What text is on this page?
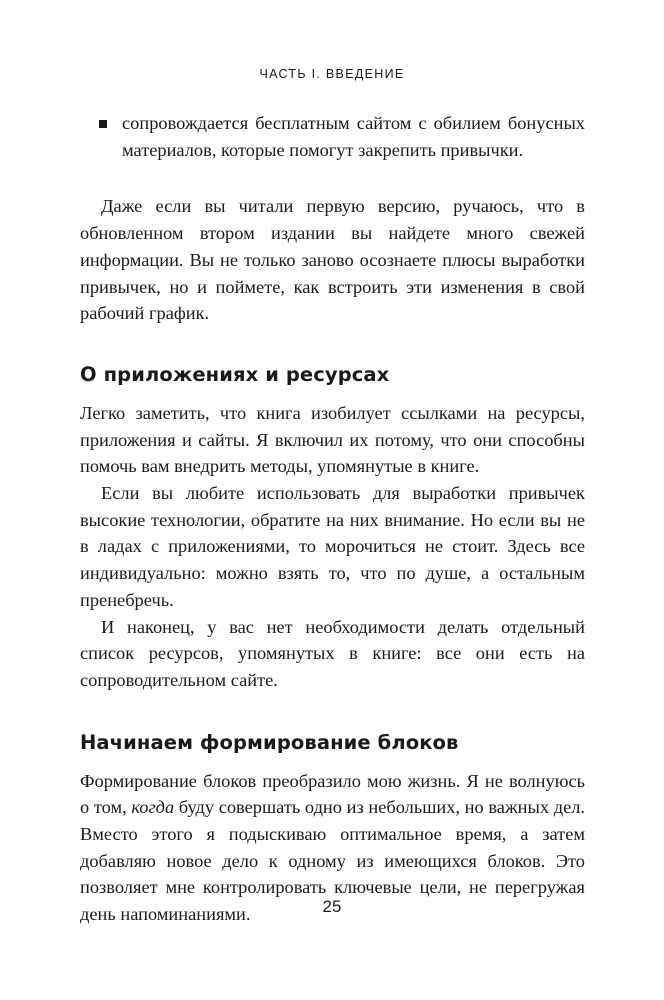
ЧАСТЬ I. ВВЕДЕНИЕ
сопровождается бесплатным сайтом с обилием бонусных материалов, которые помогут закрепить привычки.

Даже если вы читали первую версию, ручаюсь, что в обновленном втором издании вы найдете много свежей информации. Вы не только заново осознаете плюсы выработки привычек, но и поймете, как встроить эти изменения в свой рабочий график.

О приложениях и ресурсах

Легко заметить, что книга изобилует ссылками на ресурсы, приложения и сайты. Я включил их потому, что они способны помочь вам внедрить методы, упомянутые в книге.

Если вы любите использовать для выработки привычек высокие технологии, обратите на них внимание. Но если вы не в ладах с приложениями, то морочиться не стоит. Здесь все индивидуально: можно взять то, что по душе, а остальным пренебречь.

И наконец, у вас нет необходимости делать отдельный список ресурсов, упомянутых в книге: все они есть на сопроводительном сайте.

Начинаем формирование блоков

Формирование блоков преобразило мою жизнь. Я не волнуюсь о том, когда буду совершать одно из небольших, но важных дел. Вместо этого я подыскиваю оптимальное время, а затем добавляю новое дело к одному из имеющихся блоков. Это позволяет мне контролировать ключевые цели, не перегружая день напоминаниями.	25
